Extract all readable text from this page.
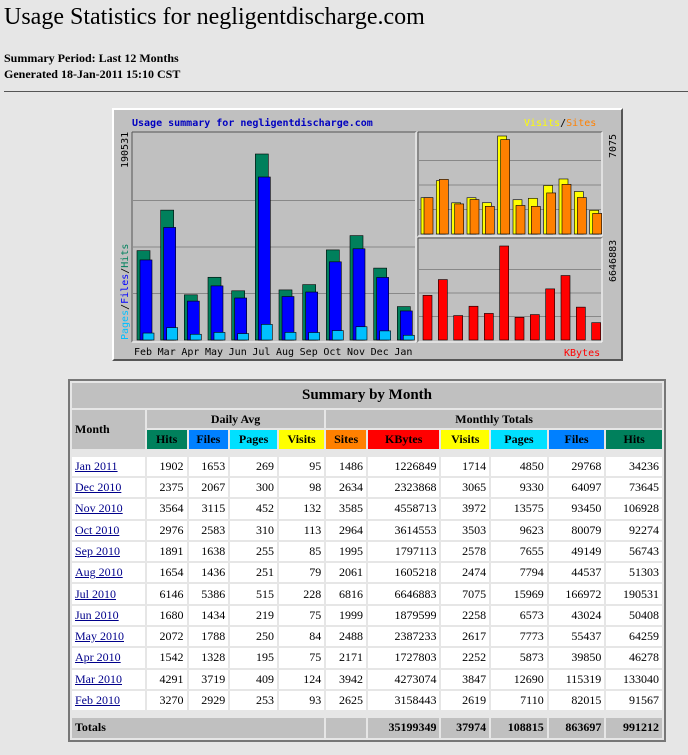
Usage Statistics for negligentdischarge.com
Summary Period: Last 12 Months
Generated 18-Jan-2011 15:10 CST
Usage summary for negligentdischarge.com
Feb Mar Apr May Jun Jul Aug Sep Oct Nov Dec Jan
190531
Pages/Files/Hits
7075
Visits/Sites
6646883
KBytes
Summary by Month										
Month	Daily Avg				Monthly Totals					
	Hits	Files	Pages	Visits	Sites	KBytes	Visits	Pages	Files	Hits

Jan 2011	1902	1653	269	95	1486	1226849	1714	4850	29768	34236
Dec 2010	2375	2067	300	98	2634	2323868	3065	9330	64097	73645
Nov 2010	3564	3115	452	132	3585	4558713	3972	13575	93450	106928
Oct 2010	2976	2583	310	113	2964	3614553	3503	9623	80079	92274
Sep 2010	1891	1638	255	85	1995	1797113	2578	7655	49149	56743
Aug 2010	1654	1436	251	79	2061	1605218	2474	7794	44537	51303
Jul 2010	6146	5386	515	228	6816	6646883	7075	15969	166972	190531
Jun 2010	1680	1434	219	75	1999	1879599	2258	6573	43024	50408
May 2010	2072	1788	250	84	2488	2387233	2617	7773	55437	64259
Apr 2010	1542	1328	195	75	2171	1727803	2252	5873	39850	46278
Mar 2010	4291	3719	409	124	3942	4273074	3847	12690	115319	133040
Feb 2010	3270	2929	253	93	2625	3158443	2619	7110	82015	91567

Totals						35199349	37974	108815	863697	991212
